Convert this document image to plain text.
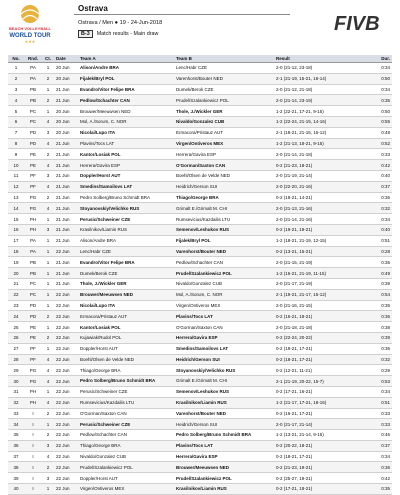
BEACH VOLLEYBALL
WORLD TOUR
★★★
Ostrava
Ostrava / Men ● 19 - 24-Jun-2018
B-3	Match results - Main draw	FIVB
No.	Rnd.	Ct.	Date	Team A	Team B	Result	Dur.
1	PA	1	20 Jun	Alison/Andre BRA	Lenc/Habr CZE	2-0 (21-12, 23-18)	0:34
2	PA	2	20 Jun	Fijalek/Bryl POL	Varenhorst/Bouter NED	2-1 (21-19, 15-21, 16-14)	0:50
3	PB	1	21 Jun	Evandro/Vitor Felipe BRA	Dumek/Berok CZE	2-0 (21-12, 21-18)	0:34
4	PB	2	21 Jun	Pedlow/Schachter CAN	Prudel/Szalankiewicz POL	2-0 (21-14, 23-19)	0:35
5	PC	1	20 Jun	Brouwer/Meeuwsen NED	Thole, J./Wickler GER	1-2 (22-21, 17-21, 9-15)	0:50
6	PC	4	20 Jun	Mol, A./Sorum, C. NOR	Nivaldo/Gonzalez CUB	1-2 (22-24, 21-15, 14-16)	0:55
7	PD	3	20 Jun	Nicolai/Lupo ITA	Ermacora/Pristauz AUT	2-1 (18-21, 21-15, 15-12)	0:48
8	PD	4	21 Jun	Plavins/Tocs LAT	Virgen/Ontiveros MEX	1-2 (21-13, 18-21, 9-15)	0:52
9	PE	2	21 Jun	Kantor/Losiak POL	Herrera/Gavira ESP	2-0 (21-14, 21-18)	0:33
10	PE	4	21 Jun	Herrera/Gavira ESP	O'Gorman/Saxton CAN	0-2 (21-23, 18-21)	0:42
11	PF	3	21 Jun	Doppler/Horst AUT	Boehl/Olsen de Velde NED	2-0 (21-19, 21-14)	0:40
12	PF	4	21 Jun	Smedins/Samoilovs LAT	Heidrich/Gerson SUI	2-0 (22-20, 21-16)	0:37
13	PG	2	21 Jun	Pedro Solberg/Bruno Schmidt BRA	Thiago/George BRA	0-2 (18-21, 14-21)	0:36
14	PG	4	21 Jun	Stoyanovskiy/Velichko RUS	Grimalt E./Grimalt M. CHI	2-0 (21-13, 21-16)	0:32
15	PH	1	21 Jun	Perusic/Schweiner CZE	Rumsevicius/Kazdailis LTU	2-0 (21-14, 21-16)	0:34
16	PH	3	21 Jun	Krasilnikov/Liamin RUS	Semenov/Leshukov RUS	0-2 (19-21, 19-21)	0:40
17	PA	1	21 Jun	Alison/Andre BRA	Fijalek/Bryl POL	1-2 (18-21, 21-19, 12-15)	0:51
18	PA	1	22 Jun	Lenc/Habr CZE	Varenhorst/Bouter NED	0-2 (13-21, 15-21)	0:28
19	PB	1	21 Jun	Evandro/Vitor Felipe BRA	Pedlow/Schachter CAN	2-0 (21-15, 21-19)	0:36
20	PB	1	21 Jun	Dumek/Berok CZE	Prudel/Szalankiewicz POL	1-2 (16-21, 21-19, 11-15)	0:49
21	PC	1	21 Jun	Thole, J./Wickler GER	Nivaldo/Gonzalez CUB	2-0 (21-17, 21-19)	0:39
22	PC	1	22 Jun	Brouwer/Meeuwsen NED	Mol, A./Sorum, C. NOR	2-1 (19-21, 21-17, 15-12)	0:54
23	PD	1	22 Jun	Nicolai/Lupo ITA	Virgen/Ontiveros MEX	2-0 (21-16, 21-15)	0:35
24	PD	2	22 Jun	Ermacora/Pristauz AUT	Plavins/Tocs LAT	0-2 (16-21, 18-21)	0:36
25	PE	1	22 Jun	Kantor/Losiak POL	O'Gorman/Saxton CAN	2-0 (21-18, 21-18)	0:38
26	PE	2	22 Jun	Kujawiak/Rudol POL	Herrera/Gavira ESP	0-2 (22-24, 20-22)	0:39
27	PF	1	22 Jun	Doppler/Horst AUT	Smedins/Samoilovs LAT	0-2 (19-21, 17-21)	0:36
28	PF	4	22 Jun	Boehl/Olsen de Velde NED	Heidrich/Gerson SUI	0-2 (18-21, 17-21)	0:32
29	PG	4	22 Jun	Thiago/George BRA	Stoyanovskiy/Velichko RUS	0-2 (12-21, 11-21)	0:29
30	PG	4	22 Jun	Pedro Solberg/Bruno Schmidt BRA	Grimalt E./Grimalt M. CHI	2-1 (21-19, 20-22, 15-7)	0:53
31	PH	1	22 Jun	Perusic/Schweiner CZE	Semenov/Leshukov RUS	0-2 (17-21, 16-21)	0:34
32	PH	4	22 Jun	Rumsevicius/Kazdailis LTU	Krasilnikov/Liamin RUS	1-2 (21-17, 17-21, 18-16)	0:51
33	I	2	22 Jun	O'Gorman/Saxton CAN	Varenhorst/Bouter NED	0-2 (16-21, 17-21)	0:33
34	I	1	22 Jun	Perusic/Schweiner CZE	Heidrich/Gerson SUI	2-0 (21-17, 21-14)	0:33
35	I	2	22 Jun	Pedlow/Schachter CAN	Pedro Solberg/Bruno Schmidt BRA	1-2 (13-21, 21-14, 9-15)	0:46
36	I	3	22 Jun	Thiago/George BRA	Plavins/Tocs LAT	0-2 (20-22, 18-21)	0:37
37	I	4	22 Jun	Nivaldo/Gonzalez CUB	Herrera/Gavira ESP	0-2 (18-21, 17-21)	0:34
38	I	2	22 Jun	Prudel/Szalankiewicz POL	Brouwer/Meeuwsen NED	0-2 (21-23, 19-21)	0:36
39	I	3	22 Jun	Doppler/Horst AUT	Prudel/Szalankiewicz POL	0-2 (25-27, 19-21)	0:42
40	I	1	22 Jun	Virgen/Ontiveros MEX	Krasilnikov/Liamin RUS	0-2 (17-21, 18-21)	0:35
